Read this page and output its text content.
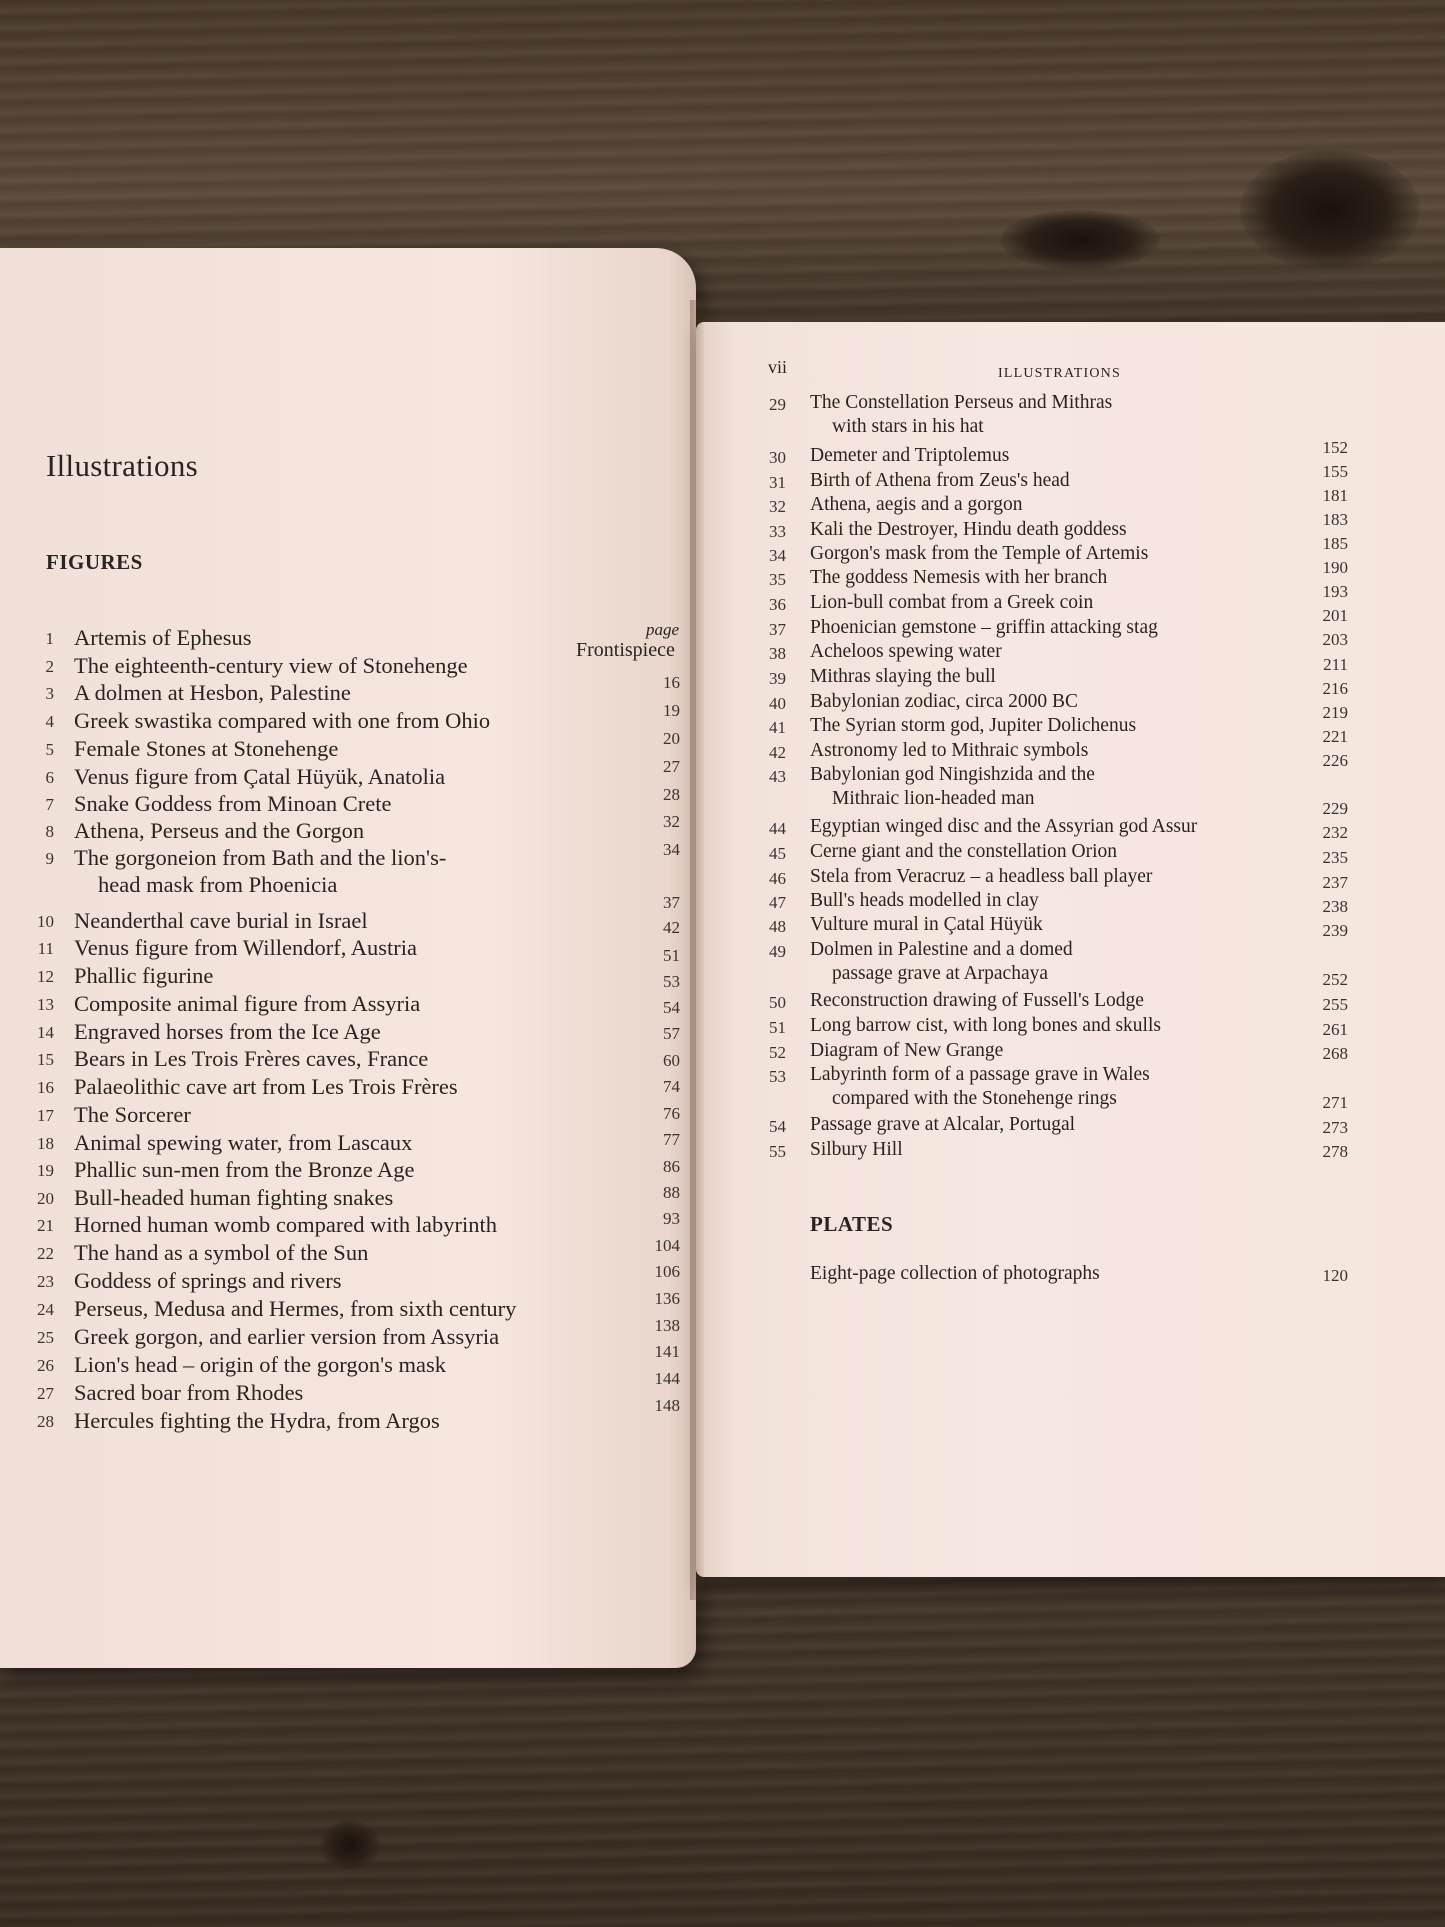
Illustrations
FIGURES
page
Frontispiece
1 Artemis of Ephesus
2 The eighteenth-century view of Stonehenge
3 A dolmen at Hesbon, Palestine
4 Greek swastika compared with one from Ohio
5 Female Stones at Stonehenge
6 Venus figure from Çatal Hüyük, Anatolia
7 Snake Goddess from Minoan Crete
8 Athena, Perseus and the Gorgon
9 The gorgoneion from Bath and the lion's-
head mask from Phoenicia
10 Neanderthal cave burial in Israel
11 Venus figure from Willendorf, Austria
12 Phallic figurine
13 Composite animal figure from Assyria
14 Engraved horses from the Ice Age
15 Bears in Les Trois Frères caves, France
16 Palaeolithic cave art from Les Trois Frères
17 The Sorcerer
18 Animal spewing water, from Lascaux
19 Phallic sun-men from the Bronze Age
20 Bull-headed human fighting snakes
21 Horned human womb compared with labyrinth
22 The hand as a symbol of the Sun
23 Goddess of springs and rivers
24 Perseus, Medusa and Hermes, from sixth century
25 Greek gorgon, and earlier version from Assyria
26 Lion's head – origin of the gorgon's mask
27 Sacred boar from Rhodes
28 Hercules fighting the Hydra, from Argos
16
19
20
27
28
32
34
37
42
51
53
54
57
60
74
76
77
86
88
93
104
106
136
138
141
144
148
vii	ILLUSTRATIONS
29 The Constellation Perseus and Mithras
with stars in his hat
30 Demeter and Triptolemus
31 Birth of Athena from Zeus's head
32 Athena, aegis and a gorgon
33 Kali the Destroyer, Hindu death goddess
34 Gorgon's mask from the Temple of Artemis
35 The goddess Nemesis with her branch
36 Lion-bull combat from a Greek coin
37 Phoenician gemstone – griffin attacking stag
38 Acheloos spewing water
39 Mithras slaying the bull
40 Babylonian zodiac, circa 2000 BC
41 The Syrian storm god, Jupiter Dolichenus
42 Astronomy led to Mithraic symbols
43 Babylonian god Ningishzida and the
Mithraic lion-headed man
44 Egyptian winged disc and the Assyrian god Assur
45 Cerne giant and the constellation Orion
46 Stela from Veracruz – a headless ball player
47 Bull's heads modelled in clay
48 Vulture mural in Çatal Hüyük
49 Dolmen in Palestine and a domed
passage grave at Arpachaya
50 Reconstruction drawing of Fussell's Lodge
51 Long barrow cist, with long bones and skulls
52 Diagram of New Grange
53 Labyrinth form of a passage grave in Wales
compared with the Stonehenge rings
54 Passage grave at Alcalar, Portugal
55 Silbury Hill
152
155
181
183
185
190
193
201
203
211
216
219
221
226
229
232
235
237
238
239
252
255
261
268
271
273
278
PLATES
Eight-page collection of photographs	120
